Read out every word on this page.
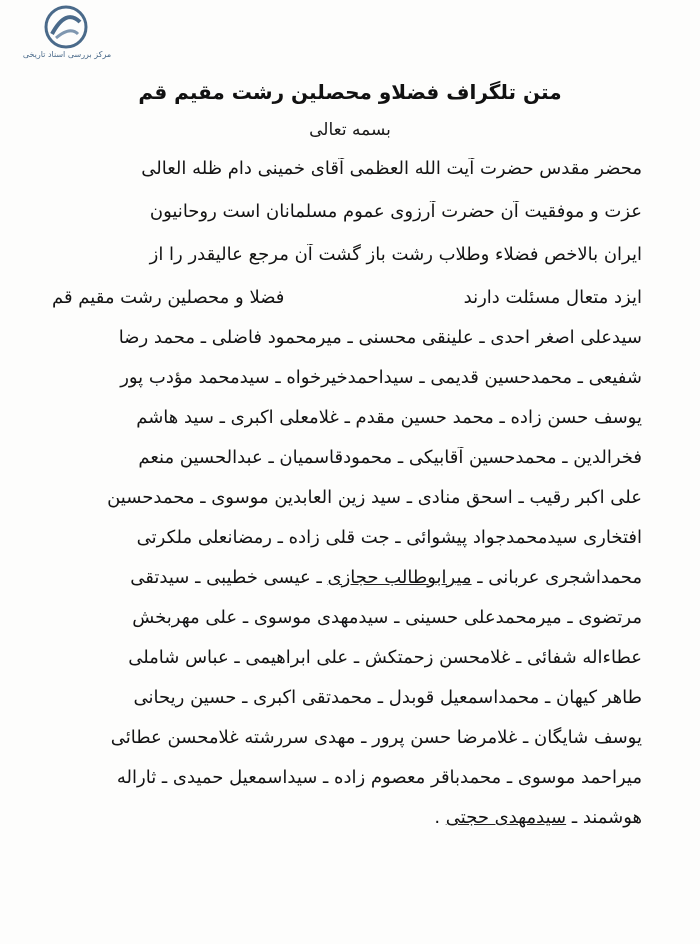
مرکز بررسی اسناد تاریخی
متن تلگراف فضلاو محصلین رشت مقیم قم
بسمه تعالی
محضر مقدس حضرت آیت الله العظمی آقای خمینی دام ظله العالی
عزت و موفقیت آن حضرت آرزوی عموم مسلمانان است روحانیون
ایران بالاخص فضلاء وطلاب رشت باز گشت آن مرجع عالیقدر را از
ایزد متعال مسئلت دارند
فضلا و محصلین رشت مقیم قم
سیدعلی اصغر احدی ـ علینقی محسنی ـ میرمحمود فاضلی ـ محمد رضا
شفیعی ـ محمدحسین قدیمی ـ سیداحمدخیرخواه ـ سیدمحمد مؤدب پور
یوسف حسن زاده ـ محمد حسین مقدم ـ غلامعلی اکبری ـ سید هاشم
فخرالدین ـ محمدحسین آقابیکی ـ محمودقاسمیان ـ عبدالحسین منعم
علی اکبر رقیب ـ اسحق منادی ـ سید زین العابدین موسوی ـ محمدحسین
افتخاری سیدمحمدجواد پیشوائی ـ جت قلی زاده ـ رمضانعلی ملکرتی
محمداشجری عربانی ـ میرابوطالب حجازی ـ عیسی خطیبی ـ سیدتقی
مرتضوی ـ میرمحمدعلی حسینی ـ سیدمهدی موسوی ـ علی مهربخش
عطاءاله شفائی ـ غلامحسن زحمتکش ـ علی ابراهیمی ـ عباس شاملی
طاهر کیهان ـ محمداسمعیل قوبدل ـ محمدتقی اکبری ـ حسین ریحانی
یوسف شایگان ـ غلامرضا حسن پرور ـ مهدی سررشته غلامحسن عطائی
میراحمد موسوی ـ محمدباقر معصوم زاده ـ سیداسمعیل حمیدی ـ ثاراله
هوشمند ـ سیدمهدی حجتی .
